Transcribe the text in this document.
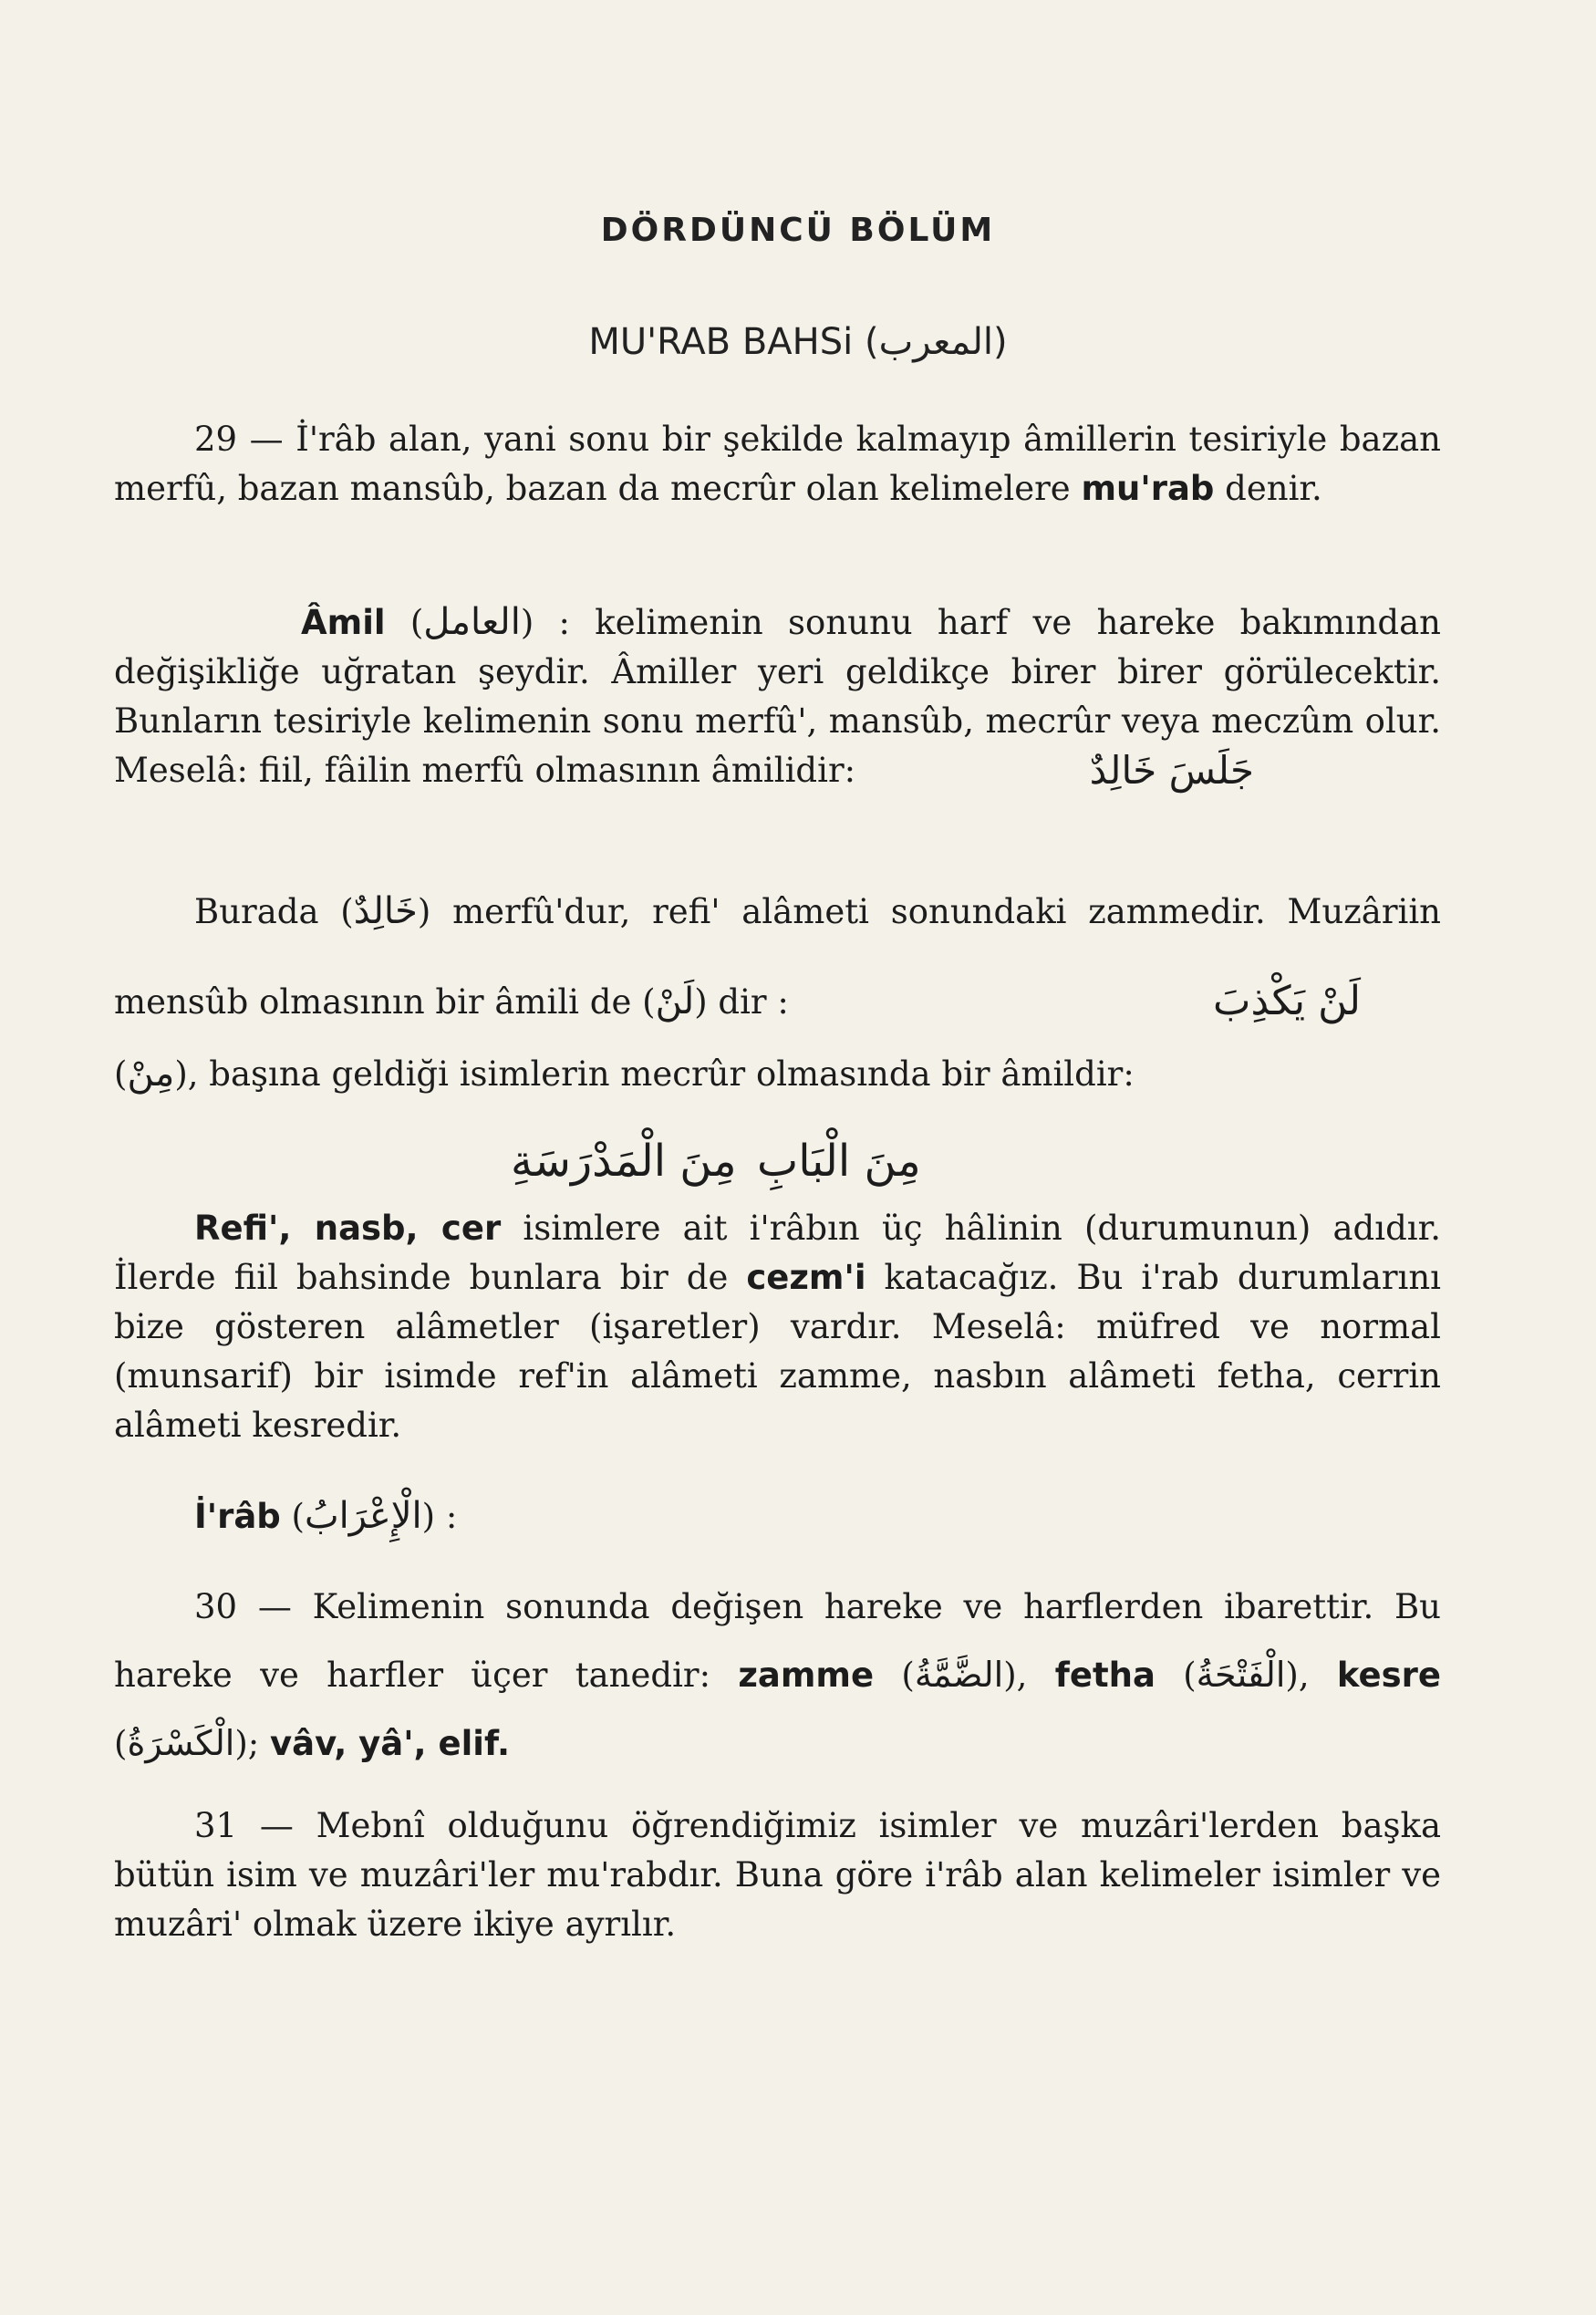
DÖRDÜNCÜ BÖLÜM
MU'RAB BAHSi (المعرب)

29 — İ'râb alan, yani sonu bir şekilde kalmayıp âmillerin tesiriyle bazan merfû, bazan mansûb, bazan da mecrûr olan kelimelere mu'rab denir.

Âmil (العامل) : kelimenin sonunu harf ve hareke bakımından değişikliğe uğratan şeydir. Âmiller yeri geldikçe birer birer görülecektir. Bunların tesiriyle kelimenin sonu merfû', mansûb, mecrûr veya meczûm olur. Meselâ: fiil, fâilin merfû olmasının âmilidir:	جَلَسَ خَالِدٌ

Burada (خَالِدٌ) merfû'dur, refi' alâmeti sonundaki zammedir. Muzâriin mensûb olmasının bir âmili de (لَنْ) dir :	لَنْ يَكْذِبَ

(مِنْ), başına geldiği isimlerin mecrûr olmasında bir âmildir:
مِنَ الْبَابِ
مِنَ الْمَدْرَسَةِ

Refi', nasb, cer isimlere ait i'râbın üç hâlinin (durumunun) adıdır. İlerde fiil bahsinde bunlara bir de cezm'i katacağız. Bu i'rab durumlarını bize gösteren alâmetler (işaretler) vardır. Meselâ: müfred ve normal (munsarif) bir isimde ref'in alâmeti zamme, nasbın alâmeti fetha, cerrin alâmeti kesredir.

İ'râb (الْإِعْرَابُ) :

30 — Kelimenin sonunda değişen hareke ve harflerden ibarettir. Bu hareke ve harfler üçer tanedir: zamme (الضَّمَّةُ), fetha (الْفَتْحَةُ), kesre (الْكَسْرَةُ); vâv, yâ', elif.

31 — Mebnî olduğunu öğrendiğimiz isimler ve muzâri'lerden başka bütün isim ve muzâri'ler mu'rabdır. Buna göre i'râb alan kelimeler isimler ve muzâri' olmak üzere ikiye ayrılır.
